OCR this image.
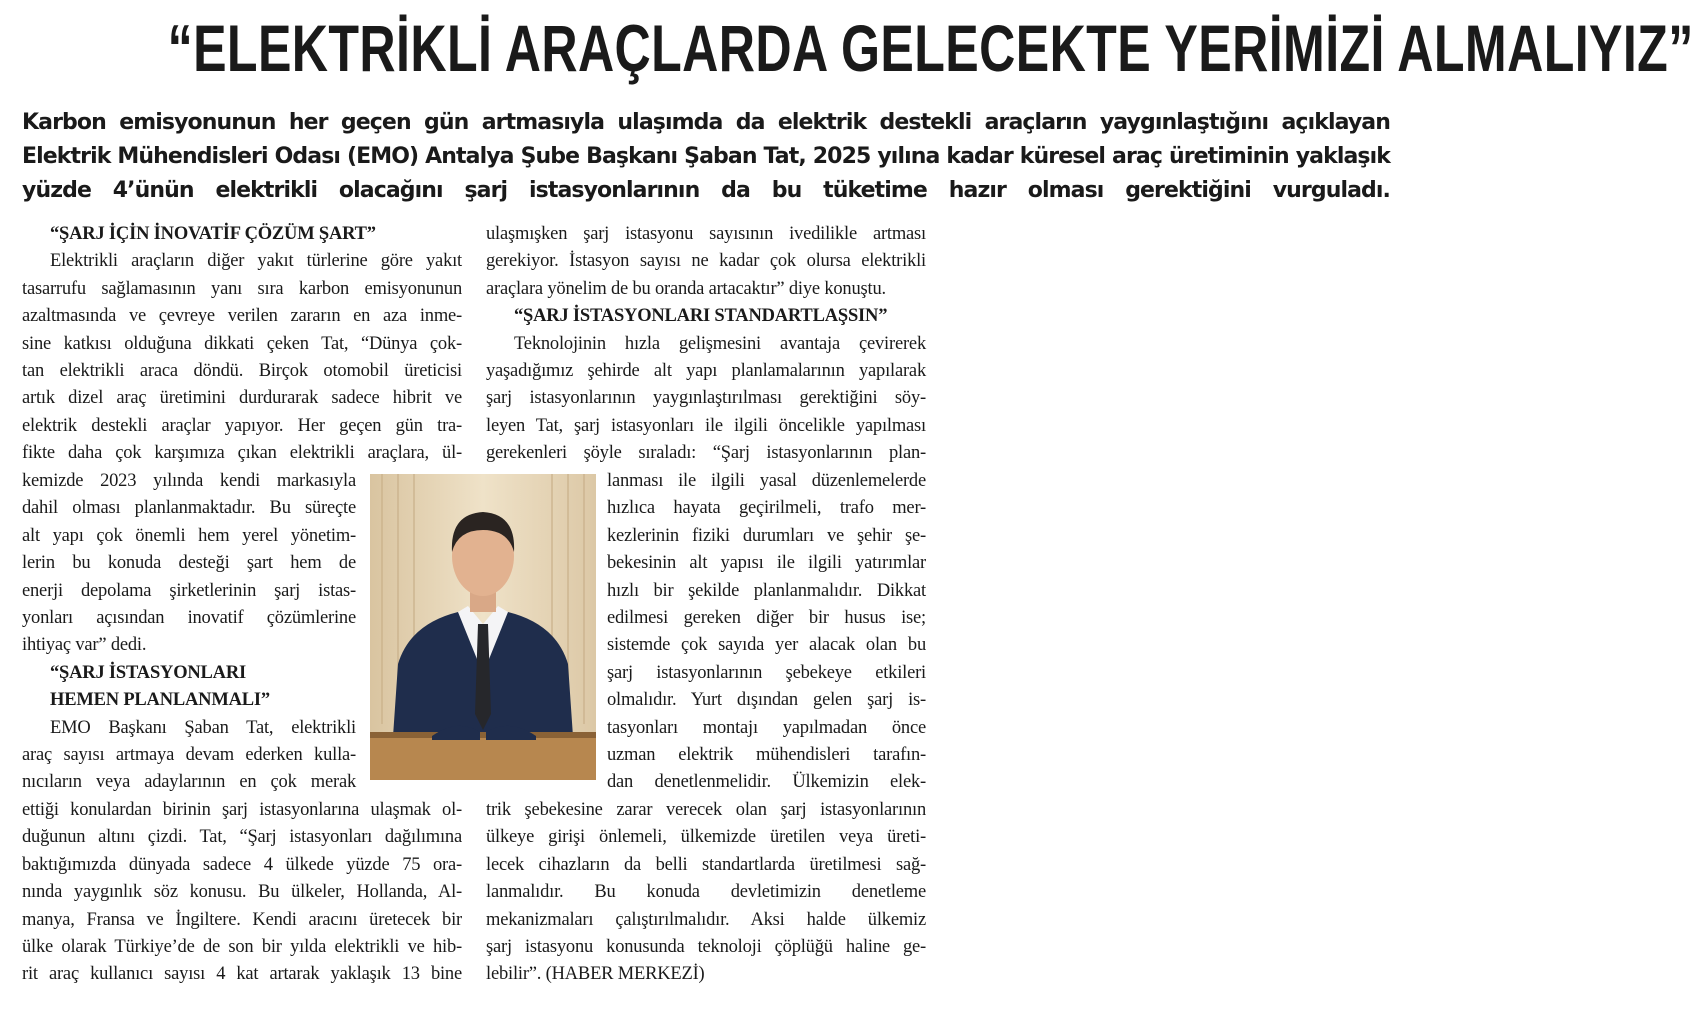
“ELEKTRİKLİ ARAÇLARDA GELECEKTE YERİMİZİ ALMALIYIZ”
Karbon emisyonunun her geçen gün artmasıyla ulaşımda da elektrik destekli araçların yaygınlaştığını açıklayan Elektrik Mühendisleri Odası (EMO) Antalya Şube Başkanı Şaban Tat, 2025 yılına kadar küresel araç üretiminin yaklaşık yüzde 4’ünün elektrikli olacağını şarj istasyonlarının da bu tüketime hazır olması gerektiğini vurguladı.
“ŞARJ İÇİN İNOVATİF ÇÖZÜM ŞART”
Elektrikli araçların diğer yakıt türlerine göre yakıt
tasarrufu sağlamasının yanı sıra karbon emisyonunun
azaltmasında ve çevreye verilen zararın en aza inme-
sine katkısı olduğuna dikkati çeken Tat, “Dünya çok-
tan elektrikli araca döndü. Birçok otomobil üreticisi
artık dizel araç üretimini durdurarak sadece hibrit ve
elektrik destekli araçlar yapıyor. Her geçen gün tra-
fikte daha çok karşımıza çıkan elektrikli araçlara, ül-
kemizde 2023 yılında kendi markasıyla
dahil olması planlanmaktadır. Bu süreçte
alt yapı çok önemli hem yerel yönetim-
lerin bu konuda desteği şart hem de
enerji depolama şirketlerinin şarj istas-
yonları açısından inovatif çözümlerine
ihtiyaç var” dedi.
“ŞARJ İSTASYONLARI
HEMEN PLANLANMALI”
EMO Başkanı Şaban Tat, elektrikli
araç sayısı artmaya devam ederken kulla-
nıcıların veya adaylarının en çok merak
ettiği konulardan birinin şarj istasyonlarına ulaşmak ol-
duğunun altını çizdi. Tat, “Şarj istasyonları dağılımına
baktığımızda dünyada sadece 4 ülkede yüzde 75 ora-
nında yaygınlık söz konusu. Bu ülkeler, Hollanda, Al-
manya, Fransa ve İngiltere. Kendi aracını üretecek bir
ülke olarak Türkiye’de de son bir yılda elektrikli ve hib-
rit araç kullanıcı sayısı 4 kat artarak yaklaşık 13 bine
ulaşmışken şarj istasyonu sayısının ivedilikle artması
gerekiyor. İstasyon sayısı ne kadar çok olursa elektrikli
araçlara yönelim de bu oranda artacaktır” diye konuştu.
“ŞARJ İSTASYONLARI STANDARTLAŞSIN”
Teknolojinin hızla gelişmesini avantaja çevirerek
yaşadığımız şehirde alt yapı planlamalarının yapılarak
şarj istasyonlarının yaygınlaştırılması gerektiğini söy-
leyen Tat, şarj istasyonları ile ilgili öncelikle yapılması
gerekenleri şöyle sıraladı: “Şarj istasyonlarının plan-
lanması ile ilgili yasal düzenlemelerde
hızlıca hayata geçirilmeli, trafo mer-
kezlerinin fiziki durumları ve şehir şe-
bekesinin alt yapısı ile ilgili yatırımlar
hızlı bir şekilde planlanmalıdır. Dikkat
edilmesi gereken diğer bir husus ise;
sistemde çok sayıda yer alacak olan bu
şarj istasyonlarının şebekeye etkileri
olmalıdır. Yurt dışından gelen şarj is-
tasyonları montajı yapılmadan önce
uzman elektrik mühendisleri tarafın-
dan denetlenmelidir. Ülkemizin elek-
trik şebekesine zarar verecek olan şarj istasyonlarının
ülkeye girişi önlemeli, ülkemizde üretilen veya üreti-
lecek cihazların da belli standartlarda üretilmesi sağ-
lanmalıdır. Bu konuda devletimizin denetleme
mekanizmaları çalıştırılmalıdır. Aksi halde ülkemiz
şarj istasyonu konusunda teknoloji çöplüğü haline ge-
lebilir”. (HABER MERKEZİ)
